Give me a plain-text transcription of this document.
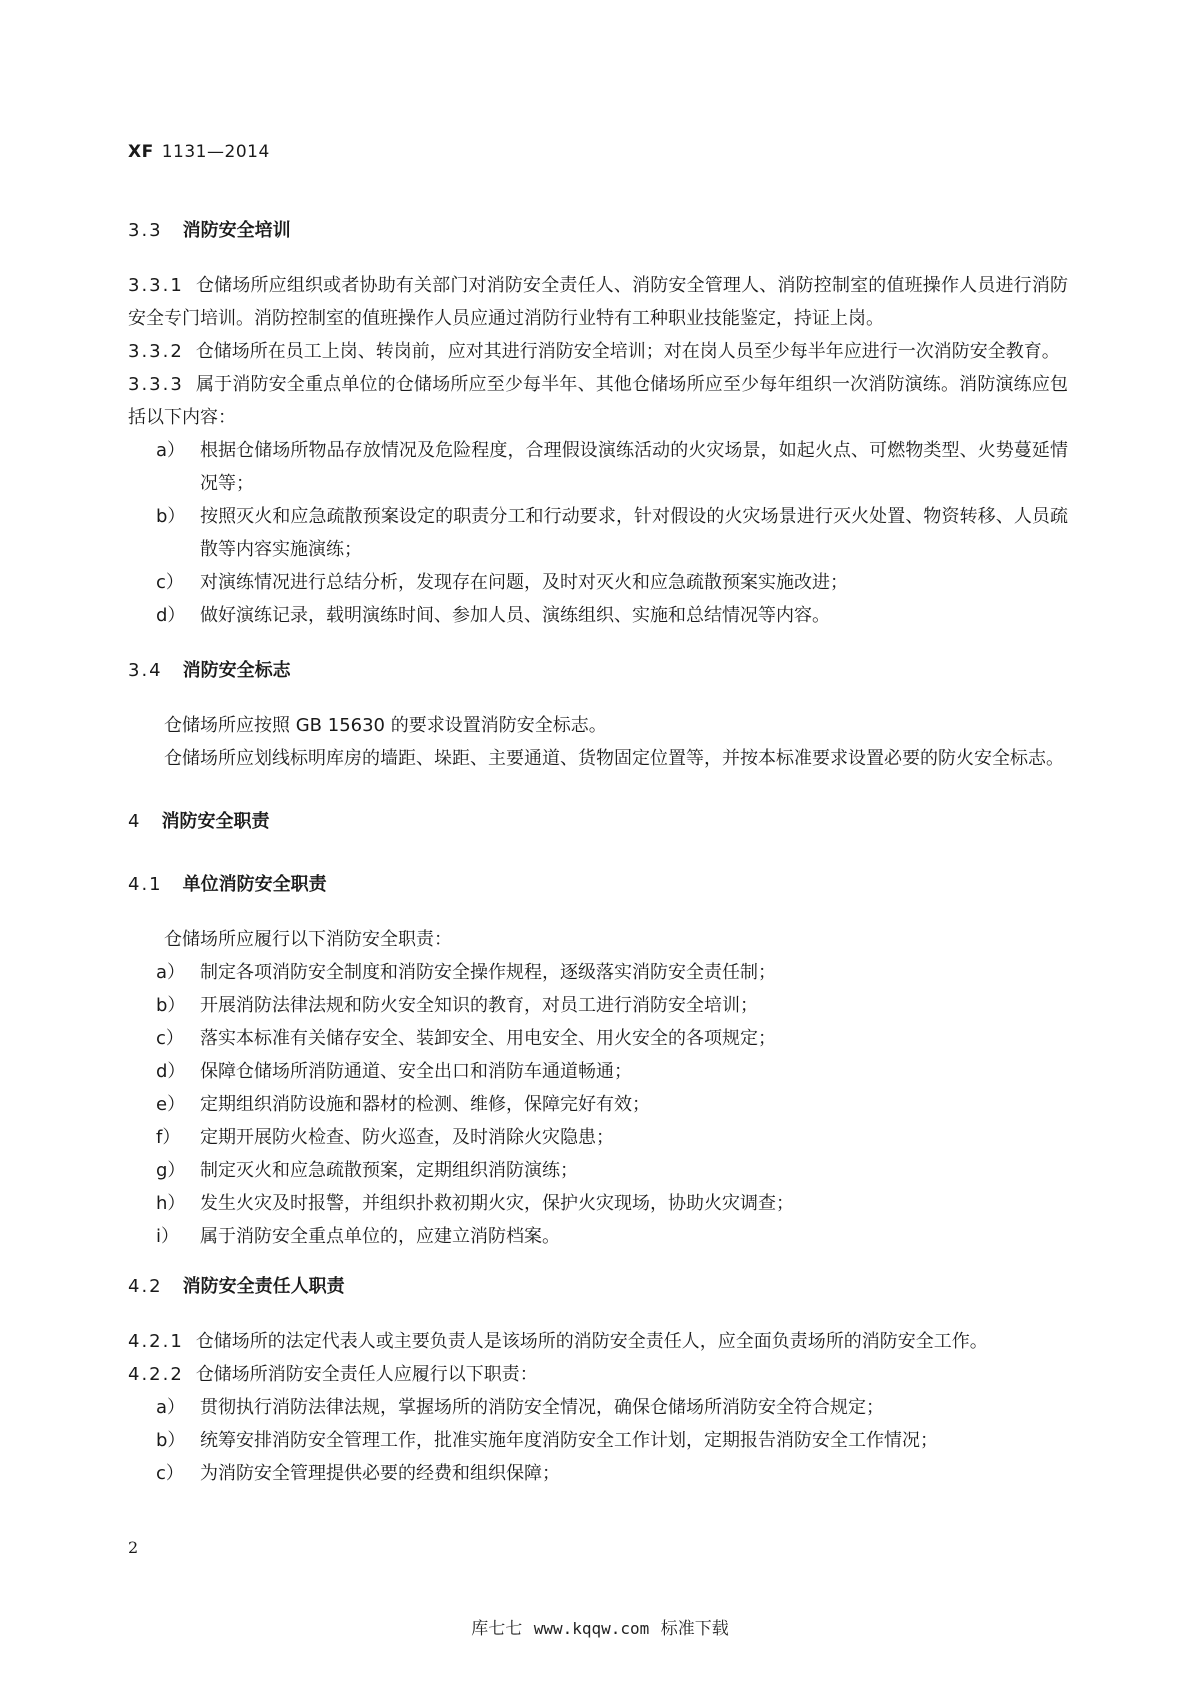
XF 1131—2014

3.3 消防安全培训

3.3.1 仓储场所应组织或者协助有关部门对消防安全责任人、消防安全管理人、消防控制室的值班操作人员进行消防安全专门培训。消防控制室的值班操作人员应通过消防行业特有工种职业技能鉴定，持证上岗。

3.3.2 仓储场所在员工上岗、转岗前，应对其进行消防安全培训；对在岗人员至少每半年应进行一次消防安全教育。

3.3.3 属于消防安全重点单位的仓储场所应至少每半年、其他仓储场所应至少每年组织一次消防演练。消防演练应包括以下内容：

a） 根据仓储场所物品存放情况及危险程度，合理假设演练活动的火灾场景，如起火点、可燃物类型、火势蔓延情况等；
b） 按照灭火和应急疏散预案设定的职责分工和行动要求，针对假设的火灾场景进行灭火处置、物资转移、人员疏散等内容实施演练；
c） 对演练情况进行总结分析，发现存在问题，及时对灭火和应急疏散预案实施改进；
d） 做好演练记录，载明演练时间、参加人员、演练组织、实施和总结情况等内容。

3.4 消防安全标志

仓储场所应按照 GB 15630 的要求设置消防安全标志。

仓储场所应划线标明库房的墙距、垛距、主要通道、货物固定位置等，并按本标准要求设置必要的防火安全标志。

4 消防安全职责

4.1 单位消防安全职责

仓储场所应履行以下消防安全职责：

a） 制定各项消防安全制度和消防安全操作规程，逐级落实消防安全责任制；
b） 开展消防法律法规和防火安全知识的教育，对员工进行消防安全培训；
c） 落实本标准有关储存安全、装卸安全、用电安全、用火安全的各项规定；
d） 保障仓储场所消防通道、安全出口和消防车通道畅通；
e） 定期组织消防设施和器材的检测、维修，保障完好有效；
f）	定期开展防火检查、防火巡查，及时消除火灾隐患；
g） 制定灭火和应急疏散预案，定期组织消防演练；
h） 发生火灾及时报警，并组织扑救初期火灾，保护火灾现场，协助火灾调查；
i）	属于消防安全重点单位的，应建立消防档案。

4.2 消防安全责任人职责

4.2.1 仓储场所的法定代表人或主要负责人是该场所的消防安全责任人，应全面负责场所的消防安全工作。

4.2.2 仓储场所消防安全责任人应履行以下职责：

a） 贯彻执行消防法律法规，掌握场所的消防安全情况，确保仓储场所消防安全符合规定；
b） 统筹安排消防安全管理工作，批准实施年度消防安全工作计划，定期报告消防安全工作情况；
c） 为消防安全管理提供必要的经费和组织保障；
2
库七七 www.kqqw.com 标准下载
